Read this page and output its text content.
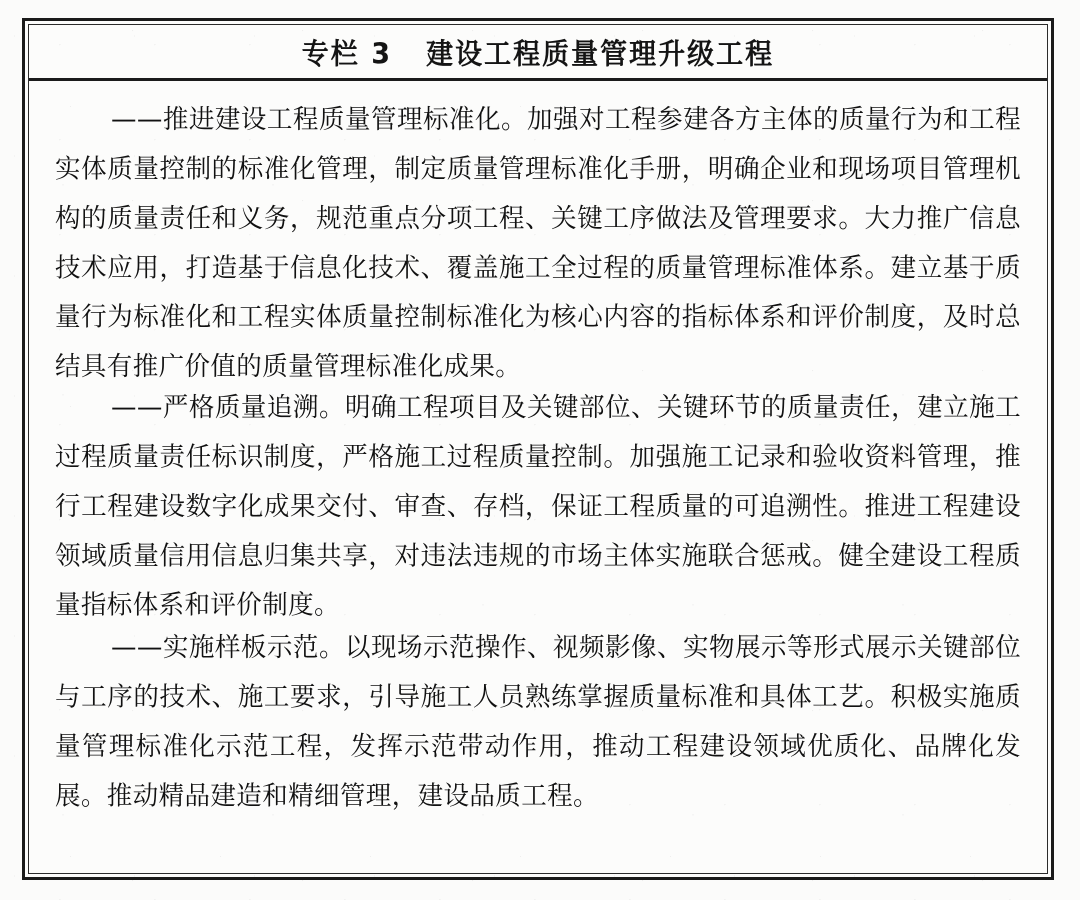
专栏 3   建设工程质量管理升级工程

——推进建设工程质量管理标准化。加强对工程参建各方主体的质量行为和工程实体质量控制的标准化管理，制定质量管理标准化手册，明确企业和现场项目管理机构的质量责任和义务，规范重点分项工程、关键工序做法及管理要求。大力推广信息技术应用，打造基于信息化技术、覆盖施工全过程的质量管理标准体系。建立基于质量行为标准化和工程实体质量控制标准化为核心内容的指标体系和评价制度，及时总结具有推广价值的质量管理标准化成果。

——严格质量追溯。明确工程项目及关键部位、关键环节的质量责任，建立施工过程质量责任标识制度，严格施工过程质量控制。加强施工记录和验收资料管理，推行工程建设数字化成果交付、审查、存档，保证工程质量的可追溯性。推进工程建设领域质量信用信息归集共享，对违法违规的市场主体实施联合惩戒。健全建设工程质量指标体系和评价制度。

——实施样板示范。以现场示范操作、视频影像、实物展示等形式展示关键部位与工序的技术、施工要求，引导施工人员熟练掌握质量标准和具体工艺。积极实施质量管理标准化示范工程，发挥示范带动作用，推动工程建设领域优质化、品牌化发展。推动精品建造和精细管理，建设品质工程。
